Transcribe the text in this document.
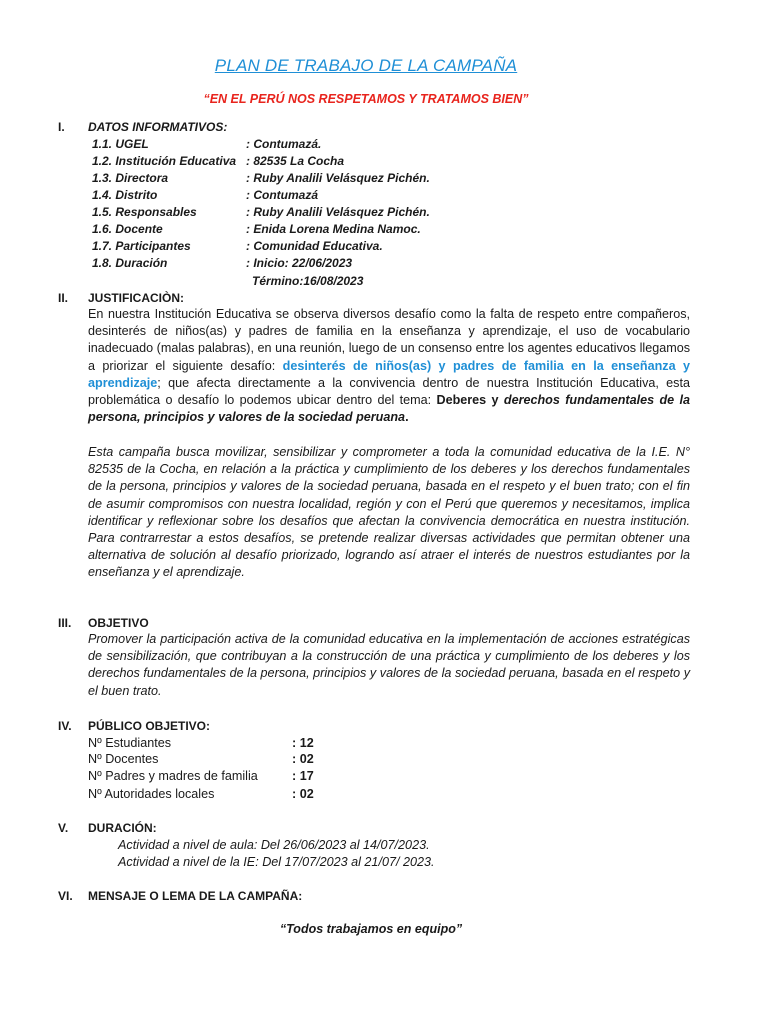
PLAN DE TRABAJO DE LA CAMPAÑA
“EN EL PERÚ NOS RESPETAMOS Y TRATAMOS BIEN”
I. DATOS INFORMATIVOS:
1.1. UGEL	: Contumazá.
1.2. Institución Educativa : 82535 La Cocha
1.3. Directora	: Ruby Analili Velásquez Pichén.
1.4. Distrito	: Contumazá
1.5. Responsables	: Ruby Analili Velásquez Pichén.
1.6. Docente	: Enida Lorena Medina Namoc.
1.7. Participantes	: Comunidad Educativa.
1.8. Duración	: Inicio: 22/06/2023
Término:16/08/2023
II. JUSTIFICACIÒN:

En nuestra Institución Educativa se observa diversos desafío como la falta de respeto entre compañeros, desinterés de niños(as) y padres de familia en la enseñanza y aprendizaje, el uso de vocabulario inadecuado (malas palabras), en una reunión, luego de un consenso entre los agentes educativos llegamos a priorizar el siguiente desafío: desinterés de niños(as) y padres de familia en la enseñanza y aprendizaje; que afecta directamente a la convivencia dentro de nuestra Institución Educativa, esta problemática o desafío lo podemos ubicar dentro del tema: Deberes y derechos fundamentales de la persona, principios y valores de la sociedad peruana.

Esta campaña busca movilizar, sensibilizar y comprometer a toda la comunidad educativa de la I.E. N° 82535 de la Cocha, en relación a la práctica y cumplimiento de los deberes y los derechos fundamentales de la persona, principios y valores de la sociedad peruana, basada en el respeto y el buen trato; con el fin de asumir compromisos con nuestra localidad, región y con el Perú que queremos y necesitamos, implica identificar y reflexionar sobre los desafíos que afectan la convivencia democrática en nuestra institución. Para contrarrestar a estos desafíos, se pretende realizar diversas actividades que permitan obtener una alternativa de solución al desafío priorizado, logrando así atraer el interés de nuestros estudiantes por la enseñanza y el aprendizaje.

III. OBJETIVO

Promover la participación activa de la comunidad educativa en la implementación de acciones estratégicas de sensibilización, que contribuyan a la construcción de una práctica y cumplimiento de los deberes y los derechos fundamentales de la persona, principios y valores de la sociedad peruana, basada en el respeto y el buen trato.

IV. PÚBLICO OBJETIVO:
Nº Estudiantes	: 12
Nº Docentes	: 02
Nº Padres y madres de familia	: 17
Nº Autoridades locales	: 02
V. DURACIÓN:
Actividad a nivel de aula: Del 26/06/2023 al 14/07/2023.
Actividad a nivel de la IE: Del 17/07/2023 al 21/07/ 2023.
VI. MENSAJE O LEMA DE LA CAMPAÑA:
“Todos trabajamos en equipo”
